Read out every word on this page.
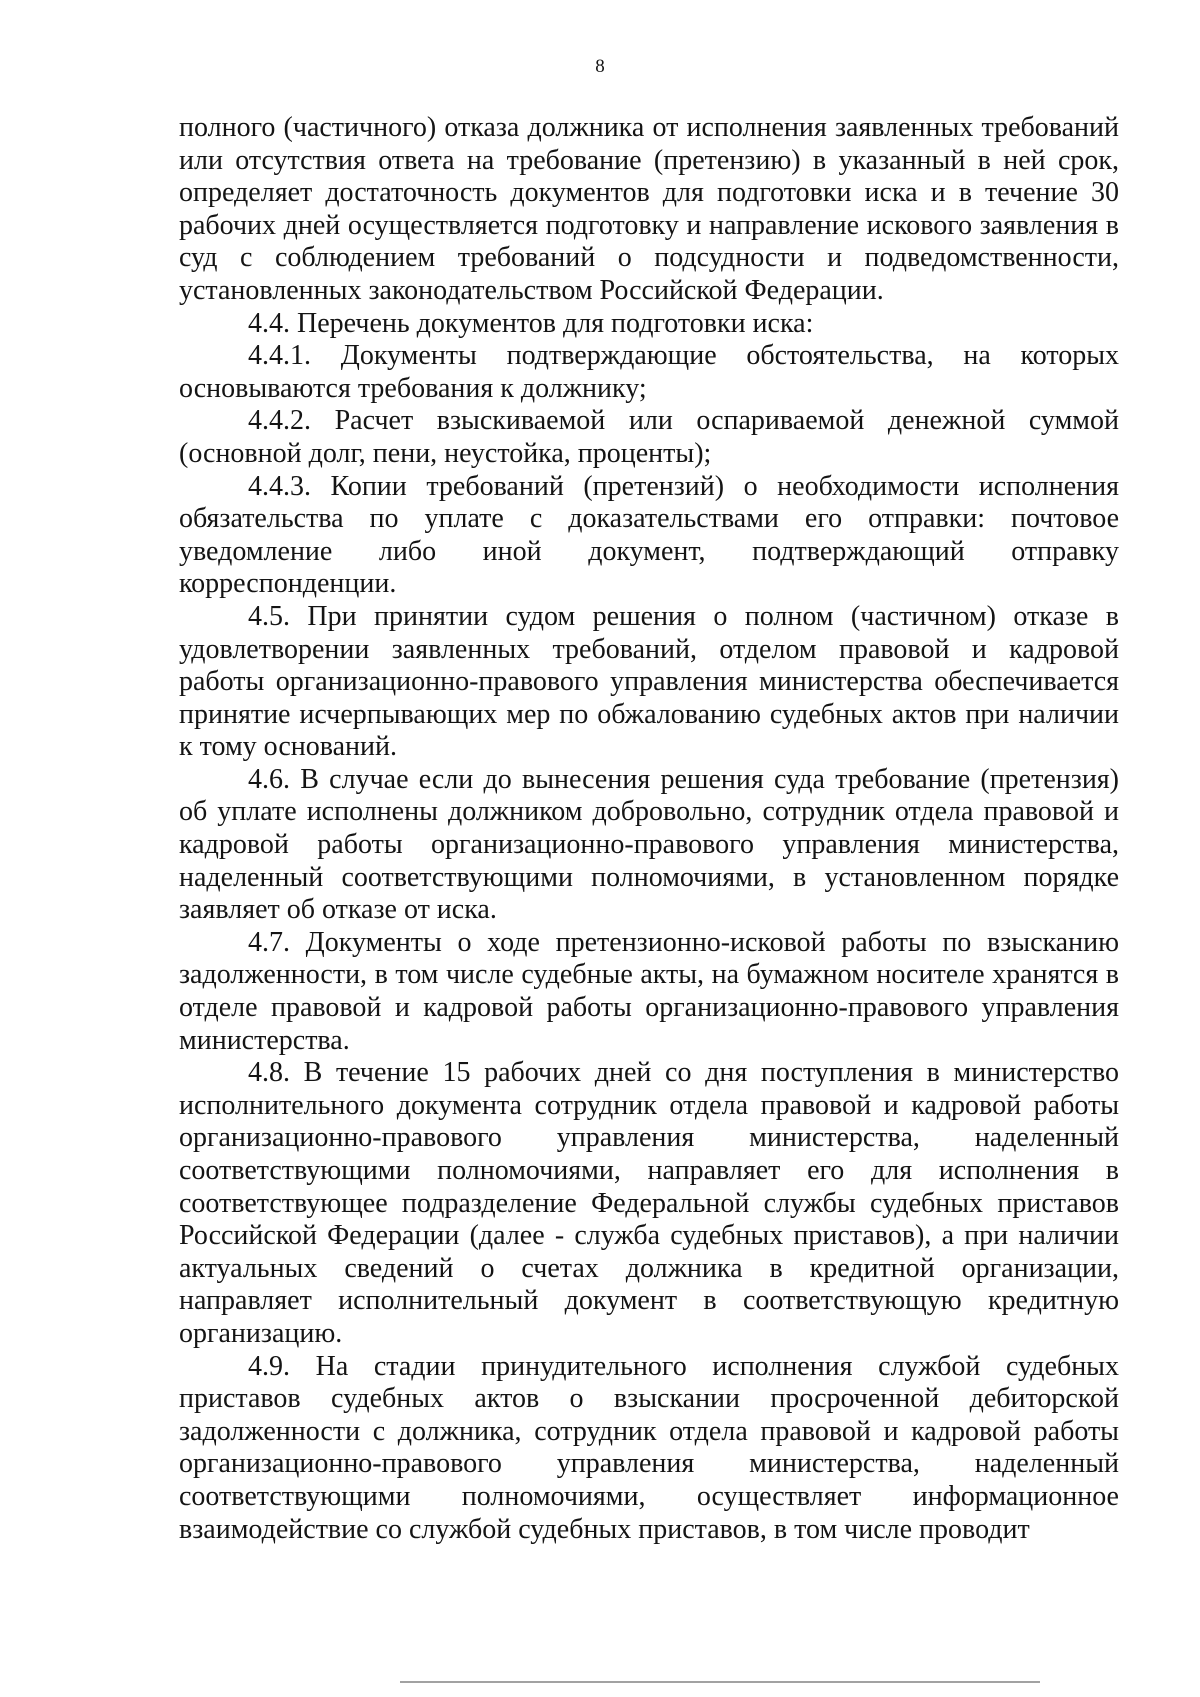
8

полного (частичного) отказа должника от исполнения заявленных требований или отсутствия ответа на требование (претензию) в указанный в ней срок, определяет достаточность документов для подготовки иска и в течение 30 рабочих дней осуществляется подготовку и направление искового заявления в суд с соблюдением требований о подсудности и подведомственности, установленных законодательством Российской Федерации.

4.4. Перечень документов для подготовки иска:

4.4.1. Документы подтверждающие обстоятельства, на которых основываются требования к должнику;

4.4.2. Расчет взыскиваемой или оспариваемой денежной суммой (основной долг, пени, неустойка, проценты);

4.4.3. Копии требований (претензий) о необходимости исполнения обязательства по уплате с доказательствами его отправки: почтовое уведомление либо иной документ, подтверждающий отправку корреспонденции.

4.5. При принятии судом решения о полном (частичном) отказе в удовлетворении заявленных требований, отделом правовой и кадровой работы организационно-правового управления министерства обеспечивается принятие исчерпывающих мер по обжалованию судебных актов при наличии к тому оснований.

4.6. В случае если до вынесения решения суда требование (претензия) об уплате исполнены должником добровольно, сотрудник отдела правовой и кадровой работы организационно-правового управления министерства, наделенный соответствующими полномочиями, в установленном порядке заявляет об отказе от иска.

4.7. Документы о ходе претензионно-исковой работы по взысканию задолженности, в том числе судебные акты, на бумажном носителе хранятся в отделе правовой и кадровой работы организационно-правового управления министерства.

4.8. В течение 15 рабочих дней со дня поступления в министерство исполнительного документа сотрудник отдела правовой и кадровой работы организационно-правового управления министерства, наделенный соответствующими полномочиями, направляет его для исполнения в соответствующее подразделение Федеральной службы судебных приставов Российской Федерации (далее - служба судебных приставов), а при наличии актуальных сведений о счетах должника в кредитной организации, направляет исполнительный документ в соответствующую кредитную организацию.

4.9. На стадии принудительного исполнения службой судебных приставов судебных актов о взыскании просроченной дебиторской задолженности с должника, сотрудник отдела правовой и кадровой работы организационно-правового управления министерства, наделенный соответствующими полномочиями, осуществляет информационное взаимодействие со службой судебных приставов, в том числе проводит
